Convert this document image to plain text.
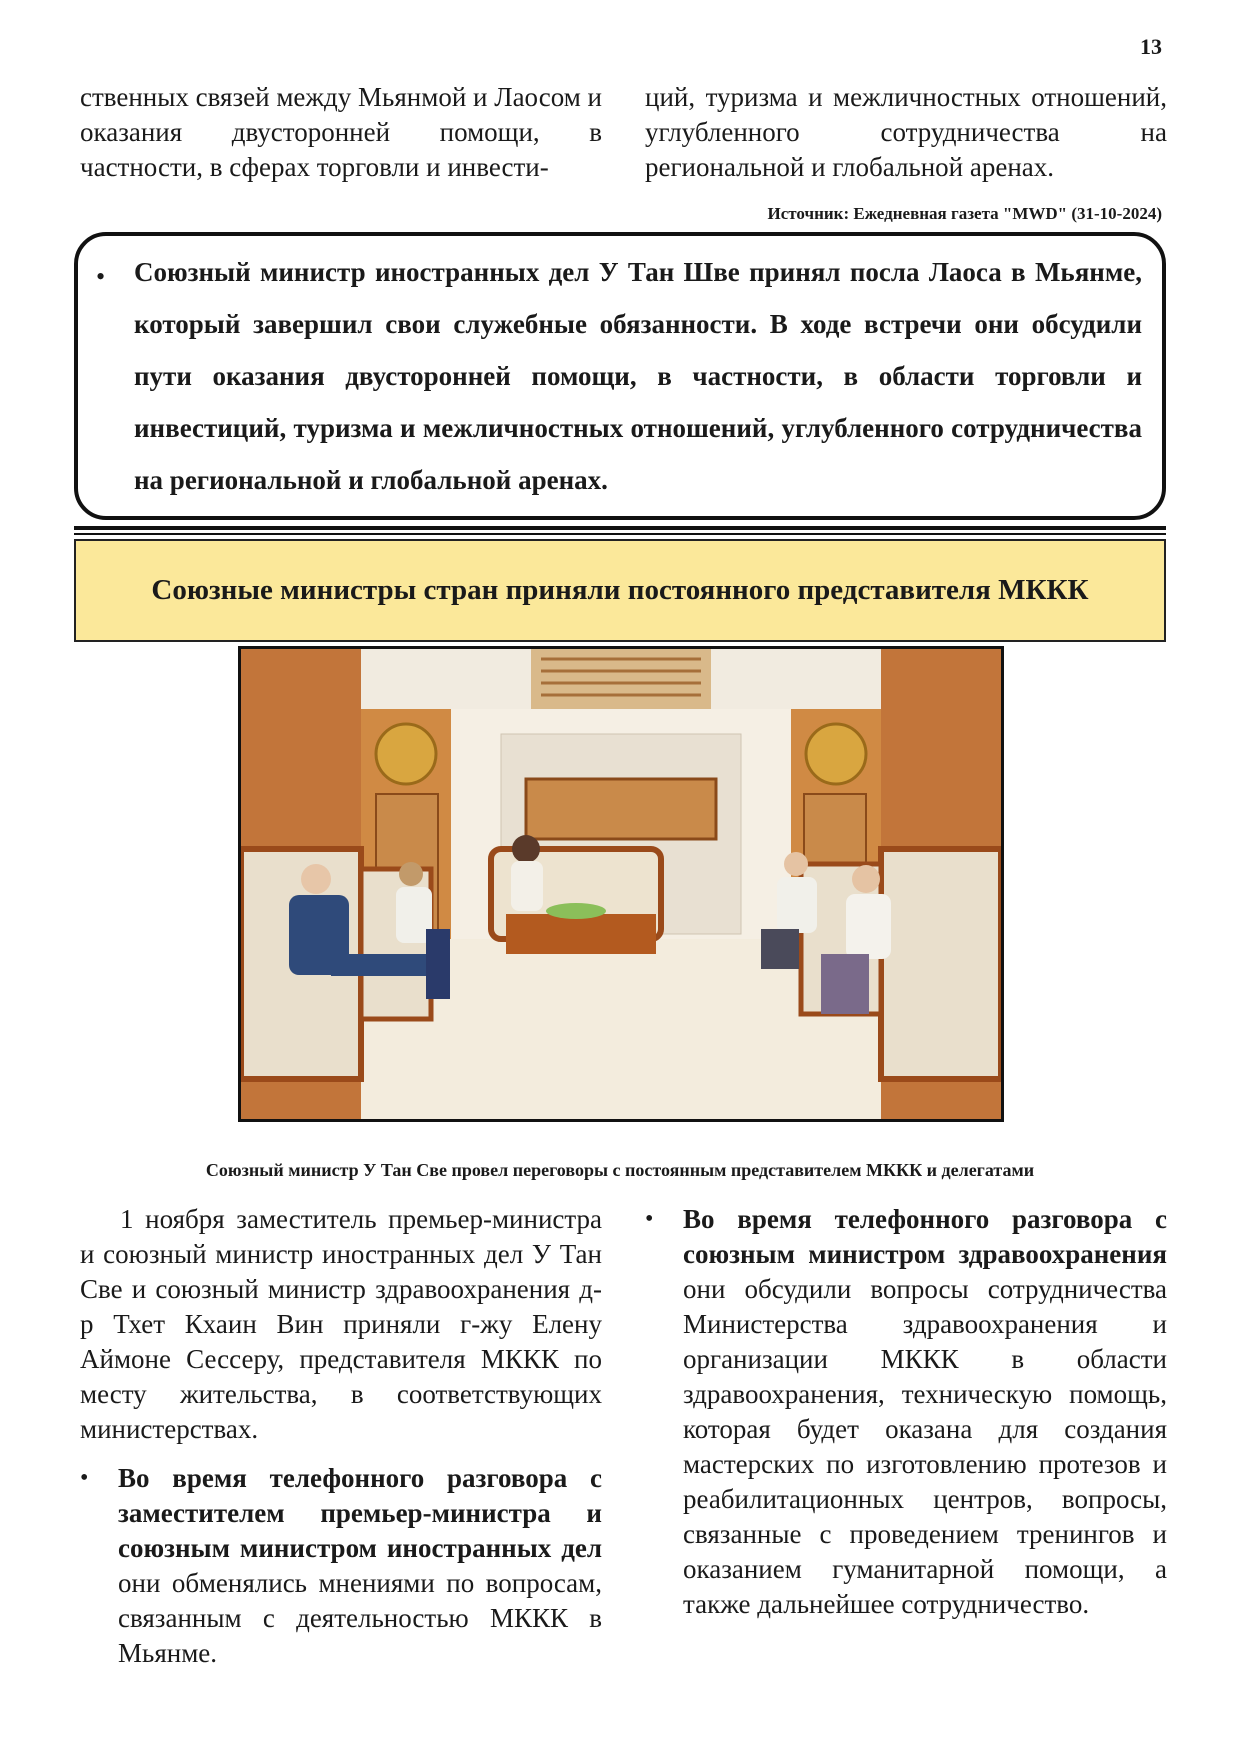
13
ственных связей между Мьянмой и Лаосом и оказания двусторонней помощи, в частности, в сферах торговли и инвести-
ций, туризма и межличностных отношений, углубленного сотрудничества на региональной и глобальной аренах.
Источник: Ежедневная газета "MWD" (31-10-2024)
• Союзный министр иностранных дел У Тан Шве принял посла Лаоса в Мьянме, который завершил свои служебные обязанности. В ходе встречи они обсудили пути оказания двусторонней помощи, в частности, в области торговли и инвестиций, туризма и межличностных отношений, углубленного сотрудничества на региональной и глобальной аренах.
Союзные министры стран приняли постоянного представителя МККК
Союзный министр У Тан Све провел переговоры с постоянным представителем МККК и делегатами

1 ноября заместитель премьер-министра и союзный министр иностранных дел У Тан Све и союзный министр здравоохранения д-р Тхет Кхаин Вин приняли г-жу Елену Аймоне Сессеру, представителя МККК по месту жительства, в соответствующих министерствах.

• Во время телефонного разговора с заместителем премьер-министра и союзным министром иностранных дел они обменялись мнениями по вопросам, связанным с деятельностью МККК в Мьянме.
• Во время телефонного разговора с союзным министром здравоохранения они обсудили вопросы сотрудничества Министерства здравоохранения и организации МККК в области здравоохранения, техническую помощь, которая будет оказана для создания мастерских по изготовлению протезов и реабилитационных центров, вопросы, связанные с проведением тренингов и оказанием гуманитарной помощи, а также дальнейшее сотрудничество.
